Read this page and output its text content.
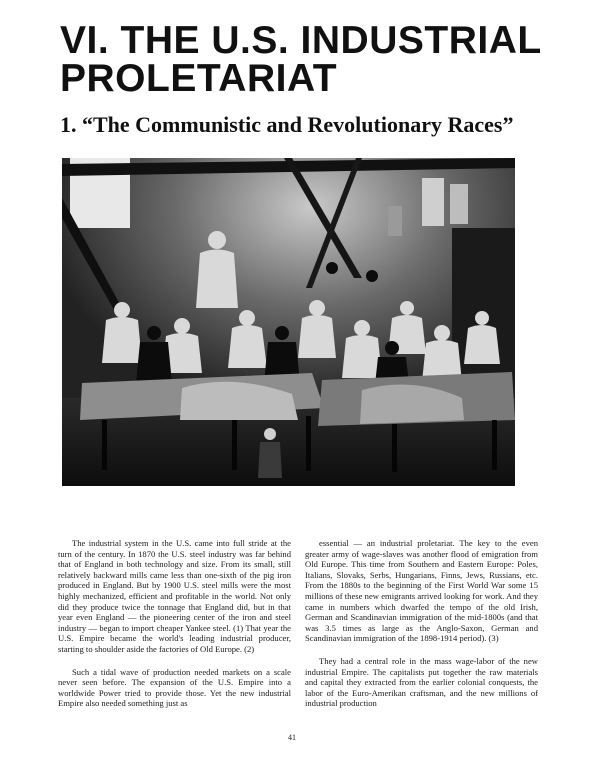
VI. THE U.S. INDUSTRIAL PROLETARIAT
1. “The Communistic and Revolutionary Races”

The industrial system in the U.S. came into full stride at the turn of the century. In 1870 the U.S. steel industry was far behind that of England in both technology and size. From its small, still relatively backward mills came less than one-sixth of the pig iron produced in England. But by 1900 U.S. steel mills were the most highly mechanized, efficient and profitable in the world. Not only did they produce twice the tonnage that England did, but in that year even England — the pioneering center of the iron and steel industry — began to import cheaper Yankee steel. (1) That year the U.S. Empire became the world's leading industrial producer, starting to shoulder aside the factories of Old Europe. (2)

Such a tidal wave of production needed markets on a scale never seen before. The expansion of the U.S. Empire into a worldwide Power tried to provide those. Yet the new industrial Empire also needed something just as

41

essential — an industrial proletariat. The key to the even greater army of wage-slaves was another flood of emigration from Old Europe. This time from Southern and Eastern Europe: Poles, Italians, Slovaks, Serbs, Hungarians, Finns, Jews, Russians, etc. From the 1880s to the beginning of the First World War some 15 millions of these new emigrants arrived looking for work. And they came in numbers which dwarfed the tempo of the old Irish, German and Scandinavian immigration of the mid-1800s (and that was 3.5 times as large as the Anglo-Saxon, German and Scandinavian immigration of the 1898-1914 period). (3)

They had a central role in the mass wage-labor of the new industrial Empire. The capitalists put together the raw materials and capital they extracted from the earlier colonial conquests, the labor of the Euro-Amerikan craftsman, and the new millions of industrial production
